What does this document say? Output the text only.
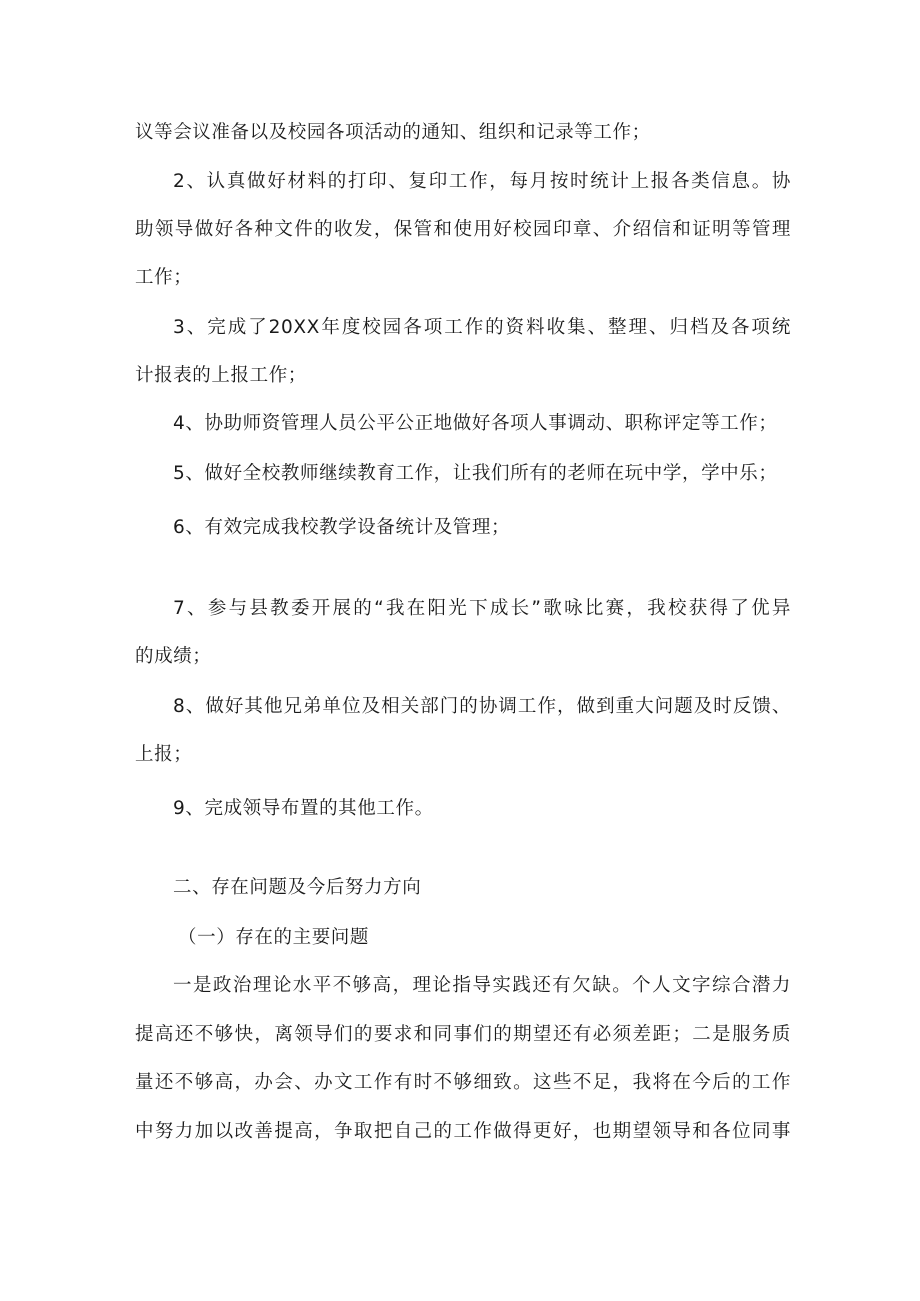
议等会议准备以及校园各项活动的通知、组织和记录等工作；
2、认真做好材料的打印、复印工作，每月按时统计上报各类信息。协
助领导做好各种文件的收发，保管和使用好校园印章、介绍信和证明等管理
工作；
3、完成了20XX年度校园各项工作的资料收集、整理、归档及各项统
计报表的上报工作；
4、协助师资管理人员公平公正地做好各项人事调动、职称评定等工作；
5、做好全校教师继续教育工作，让我们所有的老师在玩中学，学中乐；
6、有效完成我校教学设备统计及管理；
7、参与县教委开展的“我在阳光下成长”歌咏比赛，我校获得了优异
的成绩；
8、做好其他兄弟单位及相关部门的协调工作，做到重大问题及时反馈、
上报；
9、完成领导布置的其他工作。
二、存在问题及今后努力方向
（一）存在的主要问题
一是政治理论水平不够高，理论指导实践还有欠缺。个人文字综合潜力
提高还不够快，离领导们的要求和同事们的期望还有必须差距；二是服务质
量还不够高，办会、办文工作有时不够细致。这些不足，我将在今后的工作
中努力加以改善提高，争取把自己的工作做得更好，也期望领导和各位同事
